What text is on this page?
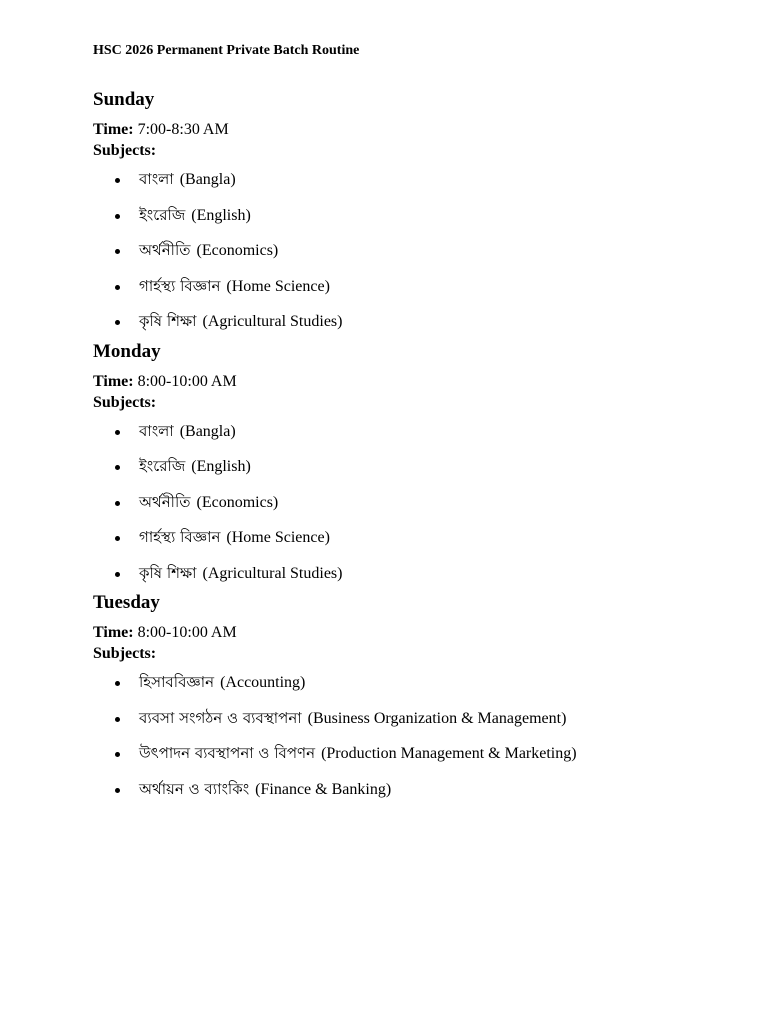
HSC 2026 Permanent Private Batch Routine
Sunday
Time: 7:00-8:30 AM
Subjects:
বাংলা (Bangla)
ইংরেজি (English)
অর্থনীতি (Economics)
গার্হস্থ্য বিজ্ঞান (Home Science)
কৃষি শিক্ষা (Agricultural Studies)
Monday
Time: 8:00-10:00 AM
Subjects:
বাংলা (Bangla)
ইংরেজি (English)
অর্থনীতি (Economics)
গার্হস্থ্য বিজ্ঞান (Home Science)
কৃষি শিক্ষা (Agricultural Studies)
Tuesday
Time: 8:00-10:00 AM
Subjects:
হিসাববিজ্ঞান (Accounting)
ব্যবসা সংগঠন ও ব্যবস্থাপনা (Business Organization & Management)
উৎপাদন ব্যবস্থাপনা ও বিপণন (Production Management & Marketing)
অর্থায়ন ও ব্যাংকিং (Finance & Banking)
